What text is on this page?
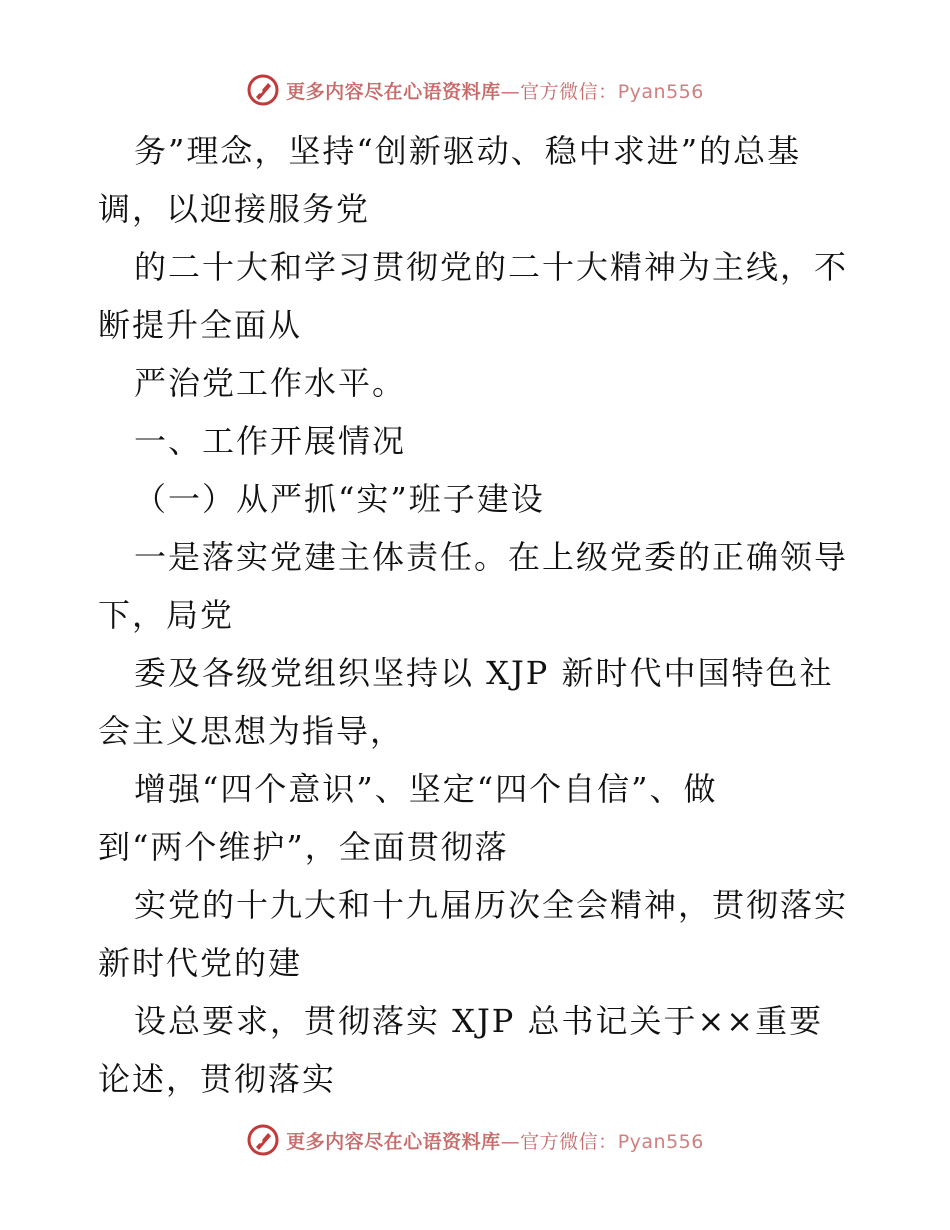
更多内容尽在心语资料库—官方微信：Pyan556
务”理念，坚持“创新驱动、稳中求进”的总基
调，以迎接服务党
的二十大和学习贯彻党的二十大精神为主线，不
断提升全面从
严治党工作水平。
一、工作开展情况
（一）从严抓“实”班子建设
一是落实党建主体责任。在上级党委的正确领导
下，局党
委及各级党组织坚持以 XJP 新时代中国特色社
会主义思想为指导，
增强“四个意识”、坚定“四个自信”、做
到“两个维护”，全面贯彻落
实党的十九大和十九届历次全会精神，贯彻落实
新时代党的建
设总要求，贯彻落实 XJP 总书记关于××重要
论述，贯彻落实
更多内容尽在心语资料库—官方微信：Pyan556
